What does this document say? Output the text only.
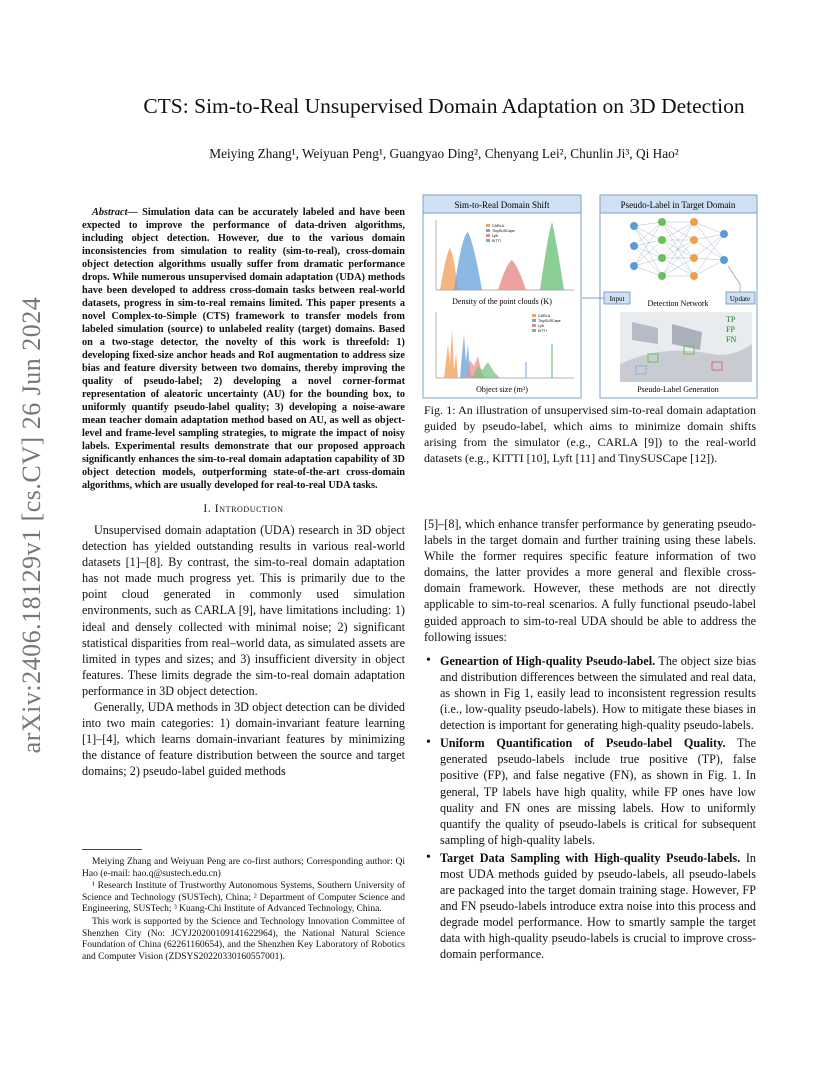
arXiv:2406.18129v1 [cs.CV] 26 Jun 2024
CTS: Sim-to-Real Unsupervised Domain Adaptation on 3D Detection
Meiying Zhang¹, Weiyuan Peng¹, Guangyao Ding², Chenyang Lei², Chunlin Ji³, Qi Hao²

Abstract— Simulation data can be accurately labeled and have been expected to improve the performance of data-driven algorithms, including object detection. However, due to the various domain inconsistencies from simulation to reality (sim-to-real), cross-domain object detection algorithms usually suffer from dramatic performance drops. While numerous unsupervised domain adaptation (UDA) methods have been developed to address cross-domain tasks between real-world datasets, progress in sim-to-real remains limited. This paper presents a novel Complex-to-Simple (CTS) framework to transfer models from labeled simulation (source) to unlabeled reality (target) domains. Based on a two-stage detector, the novelty of this work is threefold: 1) developing fixed-size anchor heads and RoI augmentation to address size bias and feature diversity between two domains, thereby improving the quality of pseudo-label; 2) developing a novel corner-format representation of aleatoric uncertainty (AU) for the bounding box, to uniformly quantify pseudo-label quality; 3) developing a noise-aware mean teacher domain adaptation method based on AU, as well as object-level and frame-level sampling strategies, to migrate the impact of noisy labels. Experimental results demonstrate that our proposed approach significantly enhances the sim-to-real domain adaptation capability of 3D object detection models, outperforming state-of-the-art cross-domain algorithms, which are usually developed for real-to-real UDA tasks.

I. Introduction

Unsupervised domain adaptation (UDA) research in 3D object detection has yielded outstanding results in various real-world datasets [1]–[8]. By contrast, the sim-to-real domain adaptation has not made much progress yet. This is primarily due to the point cloud generated in commonly used simulation environments, such as CARLA [9], have limitations including: 1) ideal and densely collected with minimal noise; 2) significant statistical disparities from real–world data, as simulated assets are limited in types and sizes; and 3) insufficient diversity in object features. These limits degrade the sim-to-real domain adaptation performance in 3D object detection.

Generally, UDA methods in 3D object detection can be divided into two main categories: 1) domain-invariant feature learning [1]–[4], which learns domain-invariant features by minimizing the distance of feature distribution between the source and target domains; 2) pseudo-label guided methods

Meiying Zhang and Weiyuan Peng are co-first authors; Corresponding author: Qi Hao (e-mail: hao.q@sustech.edu.cn)

¹ Research Institute of Trustworthy Autonomous Systems, Southern University of Science and Technology (SUSTech), China; ² Department of Computer Science and Engineering, SUSTech; ³ Kuang-Chi Institute of Advanced Technology, China.

This work is supported by the Science and Technology Innovation Committee of Shenzhen City (No: JCYJ20200109141622964), the National Natural Science Foundation of China (62261160654), and the Shenzhen Key Laboratory of Robotics and Computer Vision (ZDSYS20220330160557001).

Sim-to-Real Domain Shift
CARLA
TinySUSCape
Lyft
KITTI
Density of the point clouds (K)
CARLA
TinySUSCape
Lyft
KITTI
Object size (m³)
Pseudo-Label in Target Domain
Input	Detection Network	Update
TP
FP
FN
Pseudo-Label Generation

Fig. 1: An illustration of unsupervised sim-to-real domain adaptation guided by pseudo-label, which aims to minimize domain shifts arising from the simulator (e.g., CARLA [9]) to the real-world datasets (e.g., KITTI [10], Lyft [11] and TinySUSCape [12]).

[5]–[8], which enhance transfer performance by generating pseudo-labels in the target domain and further training using these labels. While the former requires specific feature information of two domains, the latter provides a more general and flexible cross-domain framework. However, these methods are not directly applicable to sim-to-real scenarios. A fully functional pseudo-label guided approach to sim-to-real UDA should be able to address the following issues:

• Geneartion of High-quality Pseudo-label. The object size bias and distribution differences between the simulated and real data, as shown in Fig 1, easily lead to inconsistent regression results (i.e., low-quality pseudo-labels). How to mitigate these biases in detection is important for generating high-quality pseudo-labels.
• Uniform Quantification of Pseudo-label Quality. The generated pseudo-labels include true positive (TP), false positive (FP), and false negative (FN), as shown in Fig. 1. In general, TP labels have high quality, while FP ones have low quality and FN ones are missing labels. How to uniformly quantify the quality of pseudo-labels is critical for subsequent sampling of high-quality labels.
• Target Data Sampling with High-quality Pseudo-labels. In most UDA methods guided by pseudo-labels, all pseudo-labels are packaged into the target domain training stage. However, FP and FN pseudo-labels introduce extra noise into this process and degrade model performance. How to smartly sample the target data with high-quality pseudo-labels is crucial to improve cross-domain performance.
